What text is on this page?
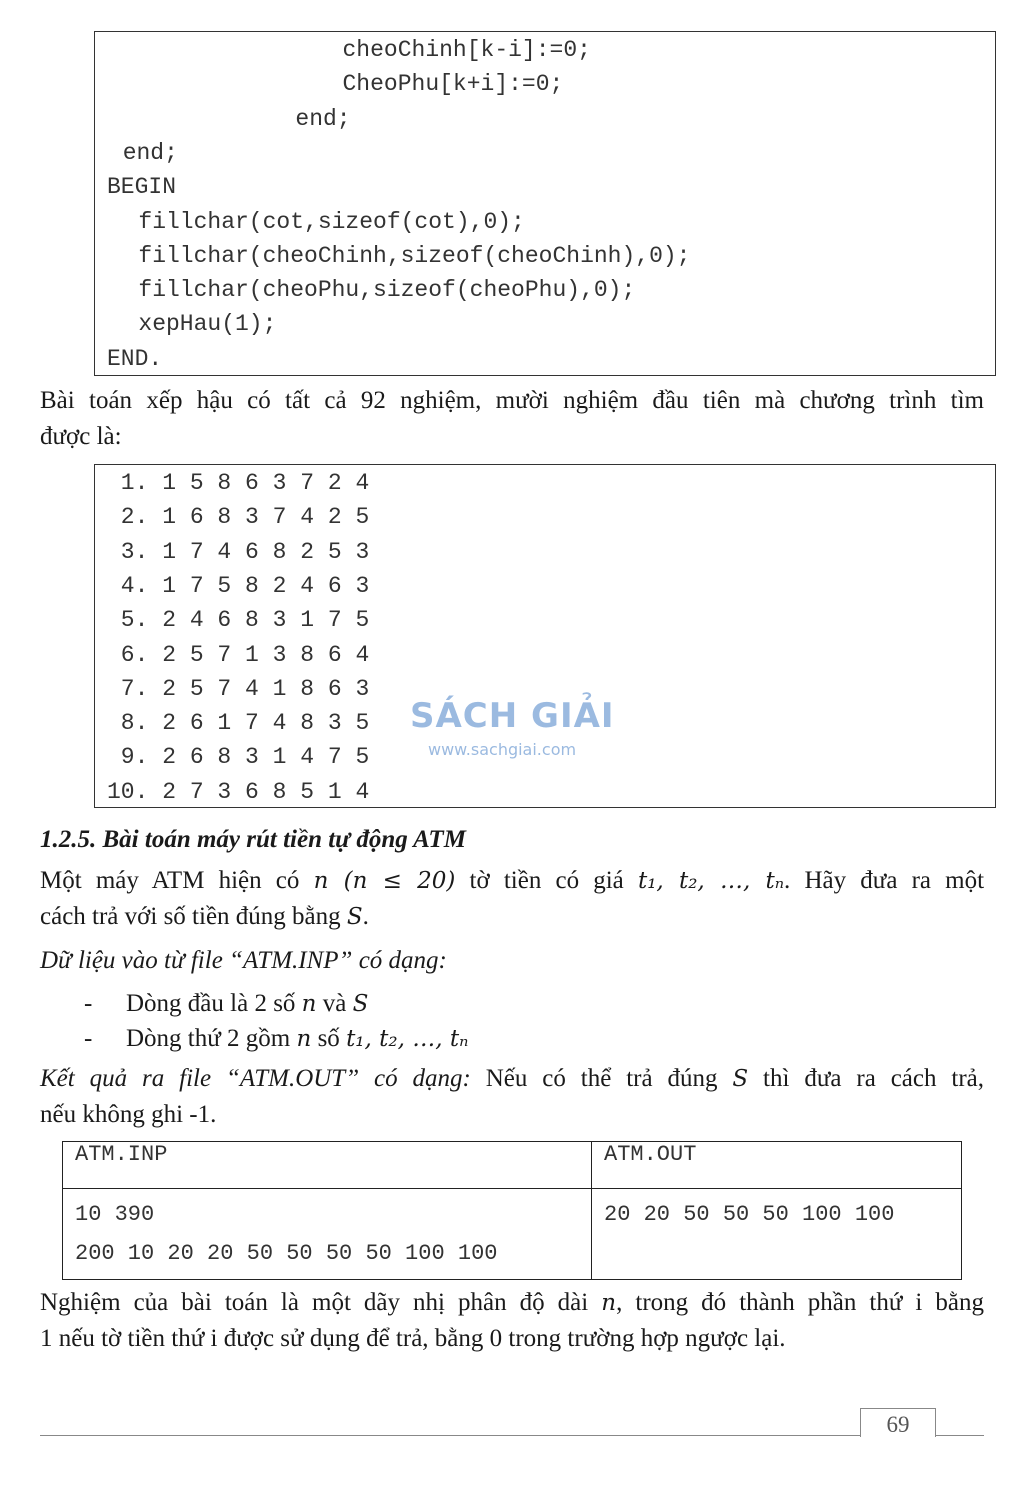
cheoChinh[k-i]:=0;
CheoPhu[k+i]:=0;
end;
end;
BEGIN
fillchar(cot,sizeof(cot),0);
fillchar(cheoChinh,sizeof(cheoChinh),0);
fillchar(cheoPhu,sizeof(cheoPhu),0);
xepHau(1);
END.

Bài toán xếp hậu có tất cả 92 nghiệm, mười nghiệm đầu tiên mà chương trình tìm

được là:

1. 1 5 8 6 3 7 2 4
2. 1 6 8 3 7 4 2 5
3. 1 7 4 6 8 2 5 3
4. 1 7 5 8 2 4 6 3
5. 2 4 6 8 3 1 7 5
6. 2 5 7 1 3 8 6 4
7. 2 5 7 4 1 8 6 3
8. 2 6 1 7 4 8 3 5
9. 2 6 8 3 1 4 7 5
10. 2 7 3 6 8 5 1 4
SÁCH GIẢI
www.sachgiai.com
1.2.5. Bài toán máy rút tiền tự động ATM

Một máy ATM hiện có n (n ≤ 20) tờ tiền có giá t₁, t₂, …, tₙ. Hãy đưa ra một

cách trả với số tiền đúng bằng S.

Dữ liệu vào từ file “ATM.INP” có dạng:

- Dòng đầu là 2 số n và S
- Dòng thứ 2 gồm n số t₁, t₂, …, tₙ

Kết quả ra file “ATM.OUT” có dạng: Nếu có thể trả đúng S thì đưa ra cách trả,

nếu không ghi -1.

ATM.INP	ATM.OUT

10 390
200 10 20 20 50 50 50 50 100 100	20 20 50 50 50 100 100

Nghiệm của bài toán là một dãy nhị phân độ dài n, trong đó thành phần thứ i bằng

1 nếu tờ tiền thứ i được sử dụng để trả, bằng 0 trong trường hợp ngược lại.

69
